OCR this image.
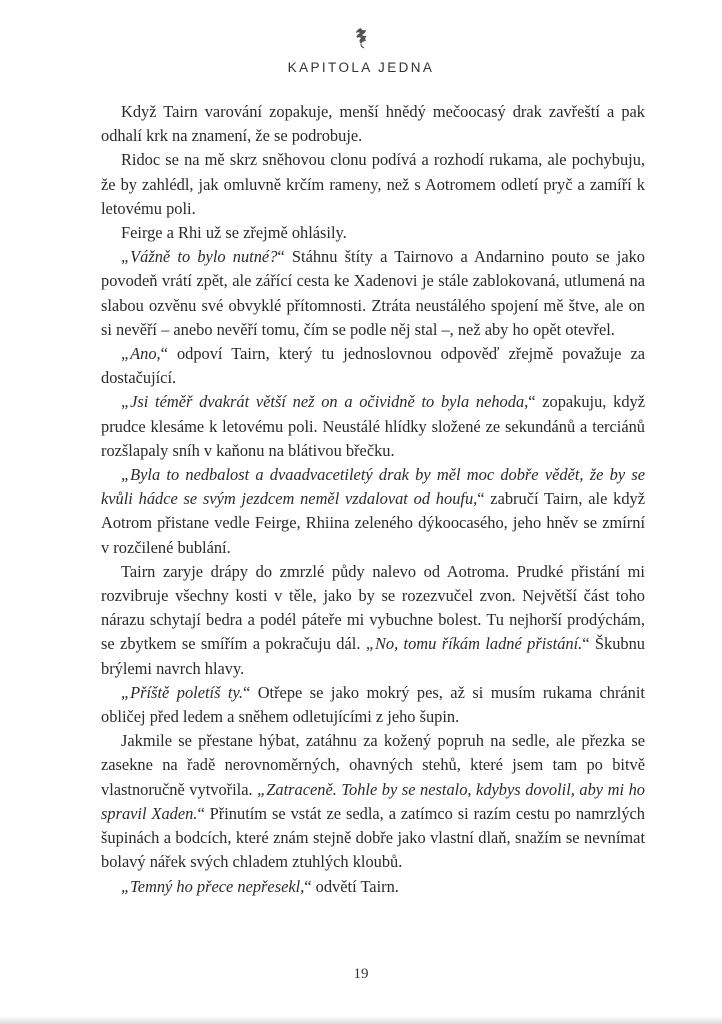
KAPITOLA JEDNA

Když Tairn varování zopakuje, menší hnědý mečoocasý drak zavřeští a pak odhalí krk na znamení, že se podrobuje.

Ridoc se na mě skrz sněhovou clonu podívá a rozhodí rukama, ale pochybuju, že by zahlédl, jak omluvně krčím rameny, než s Aotromem odletí pryč a zamíří k letovému poli.

Feirge a Rhi už se zřejmě ohlásily.

„Vážně to bylo nutné?“ Stáhnu štíty a Tairnovo a Andarnino pouto se jako povodeň vrátí zpět, ale zářící cesta ke Xadenovi je stále zablokovaná, utlumená na slabou ozvěnu své obvyklé přítomnosti. Ztráta neustálého spojení mě štve, ale on si nevěří – anebo nevěří tomu, čím se podle něj stal –, než aby ho opět otevřel.

„Ano,“ odpoví Tairn, který tu jednoslovnou odpověď zřejmě považuje za dostačující.

„Jsi téměř dvakrát větší než on a očividně to byla nehoda,“ zopakuju, když prudce klesáme k letovému poli. Neustálé hlídky složené ze sekundánů a terciánů rozšlapaly sníh v kaňonu na blátivou břečku.

„Byla to nedbalost a dvaadvacetiletý drak by měl moc dobře vědět, že by se kvůli hádce se svým jezdcem neměl vzdalovat od houfu,“ zabručí Tairn, ale když Aotrom přistane vedle Feirge, Rhiina zeleného dýkoocasého, jeho hněv se zmírní v rozčilené bublání.

Tairn zaryje drápy do zmrzlé půdy nalevo od Aotroma. Prudké přistání mi rozvibruje všechny kosti v těle, jako by se rozezvučel zvon. Největší část toho nárazu schytají bedra a podél páteře mi vybuchne bolest. Tu nejhorší prodýchám, se zbytkem se smířím a pokračuju dál. „No, tomu říkám ladné přistání.“ Škubnu brýlemi navrch hlavy.

„Příště poletíš ty.“ Otřepe se jako mokrý pes, až si musím rukama chránit obličej před ledem a sněhem odletujícími z jeho šupin.

Jakmile se přestane hýbat, zatáhnu za kožený popruh na sedle, ale přezka se zasekne na řadě nerovnoměrných, ohavných stehů, které jsem tam po bitvě vlastnoručně vytvořila. „Zatraceně. Tohle by se nestalo, kdybys dovolil, aby mi ho spravil Xaden.“ Přinutím se vstát ze sedla, a zatímco si razím cestu po namrzlých šupinách a bodcích, které znám stejně dobře jako vlastní dlaň, snažím se nevnímat bolavý nářek svých chladem ztuhlých kloubů.

„Temný ho přece nepřesekl,“ odvětí Tairn.

19
